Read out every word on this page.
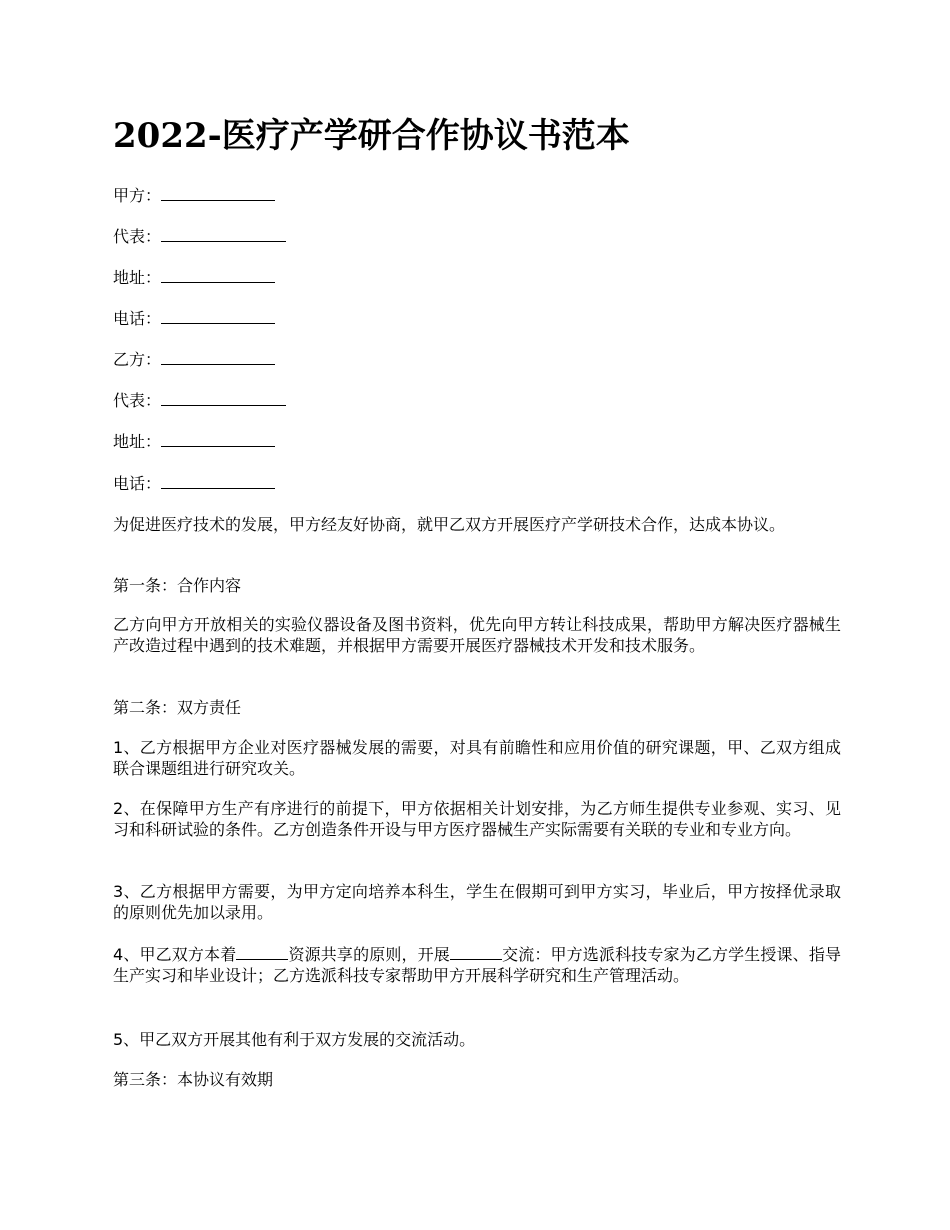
2022-医疗产学研合作协议书范本
甲方：
代表：
地址：
电话：
乙方：
代表：
地址：
电话：

为促进医疗技术的发展，甲方经友好协商，就甲乙双方开展医疗产学研技术合作，达成本协议。

第一条：合作内容

乙方向甲方开放相关的实验仪器设备及图书资料，优先向甲方转让科技成果，帮助甲方解决医疗器械生产改造过程中遇到的技术难题，并根据甲方需要开展医疗器械技术开发和技术服务。

第二条：双方责任

1、乙方根据甲方企业对医疗器械发展的需要，对具有前瞻性和应用价值的研究课题，甲、乙双方组成联合课题组进行研究攻关。

2、在保障甲方生产有序进行的前提下，甲方依据相关计划安排，为乙方师生提供专业参观、实习、见习和科研试验的条件。乙方创造条件开设与甲方医疗器械生产实际需要有关联的专业和专业方向。

3、乙方根据甲方需要，为甲方定向培养本科生，学生在假期可到甲方实习，毕业后，甲方按择优录取的原则优先加以录用。

4、甲乙双方本着	资源共享的原则，开展	交流：甲方选派科技专家为乙方学生授课、指导生产实习和毕业设计；乙方选派科技专家帮助甲方开展科学研究和生产管理活动。

5、甲乙双方开展其他有利于双方发展的交流活动。

第三条：本协议有效期
